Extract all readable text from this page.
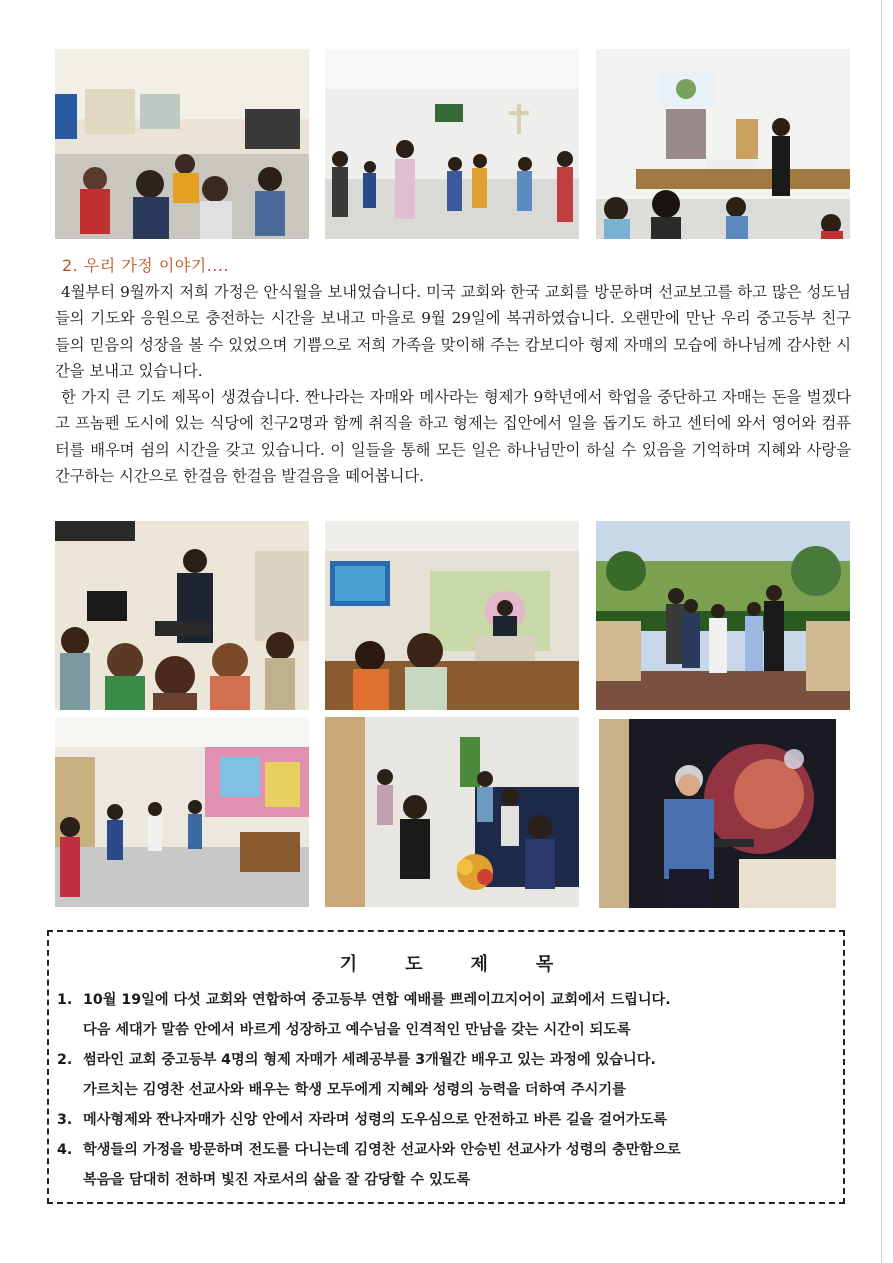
2. 우리 가정 이야기....

4월부터 9월까지 저희 가정은 안식월을 보내었습니다. 미국 교회와 한국 교회를 방문하며 선교보고를 하고 많은 성도님들의 기도와 응원으로 충전하는 시간을 보내고 마을로 9월 29일에 복귀하였습니다. 오랜만에 만난 우리 중고등부 친구들의 믿음의 성장을 볼 수 있었으며 기쁨으로 저희 가족을 맞이해 주는 캄보디아 형제 자매의 모습에 하나님께 감사한 시간을 보내고 있습니다.

한 가지 큰 기도 제목이 생겼습니다. 짠나라는 자매와 메사라는 형제가 9학년에서 학업을 중단하고 자매는 돈을 벌겠다고 프놈펜 도시에 있는 식당에 친구2명과 함께 취직을 하고 형제는 집안에서 일을 돕기도 하고 센터에 와서 영어와 컴퓨터를 배우며 쉼의 시간을 갖고 있습니다. 이 일들을 통해 모든 일은 하나님만이 하실 수 있음을 기억하며 지혜와 사랑을 간구하는 시간으로 한걸음 한걸음 발걸음을 떼어봅니다.

기도제목
1. 10월 19일에 다섯 교회와 연합하여 중고등부 연합 예배를 쁘레이끄지어이 교회에서 드립니다.
다음 세대가 말씀 안에서 바르게 성장하고 예수님을 인격적인 만남을 갖는 시간이 되도록
2. 썸라인 교회 중고등부 4명의 형제 자매가 세례공부를 3개월간 배우고 있는 과정에 있습니다.
가르치는 김영찬 선교사와 배우는 학생 모두에게 지혜와 성령의 능력을 더하여 주시기를
3. 메사형제와 짠나자매가 신앙 안에서 자라며 성령의 도우심으로 안전하고 바른 길을 걸어가도록
4. 학생들의 가정을 방문하며 전도를 다니는데 김영찬 선교사와 안승빈 선교사가 성령의 충만함으로
복음을 담대히 전하며 빛진 자로서의 삶을 잘 감당할 수 있도록
